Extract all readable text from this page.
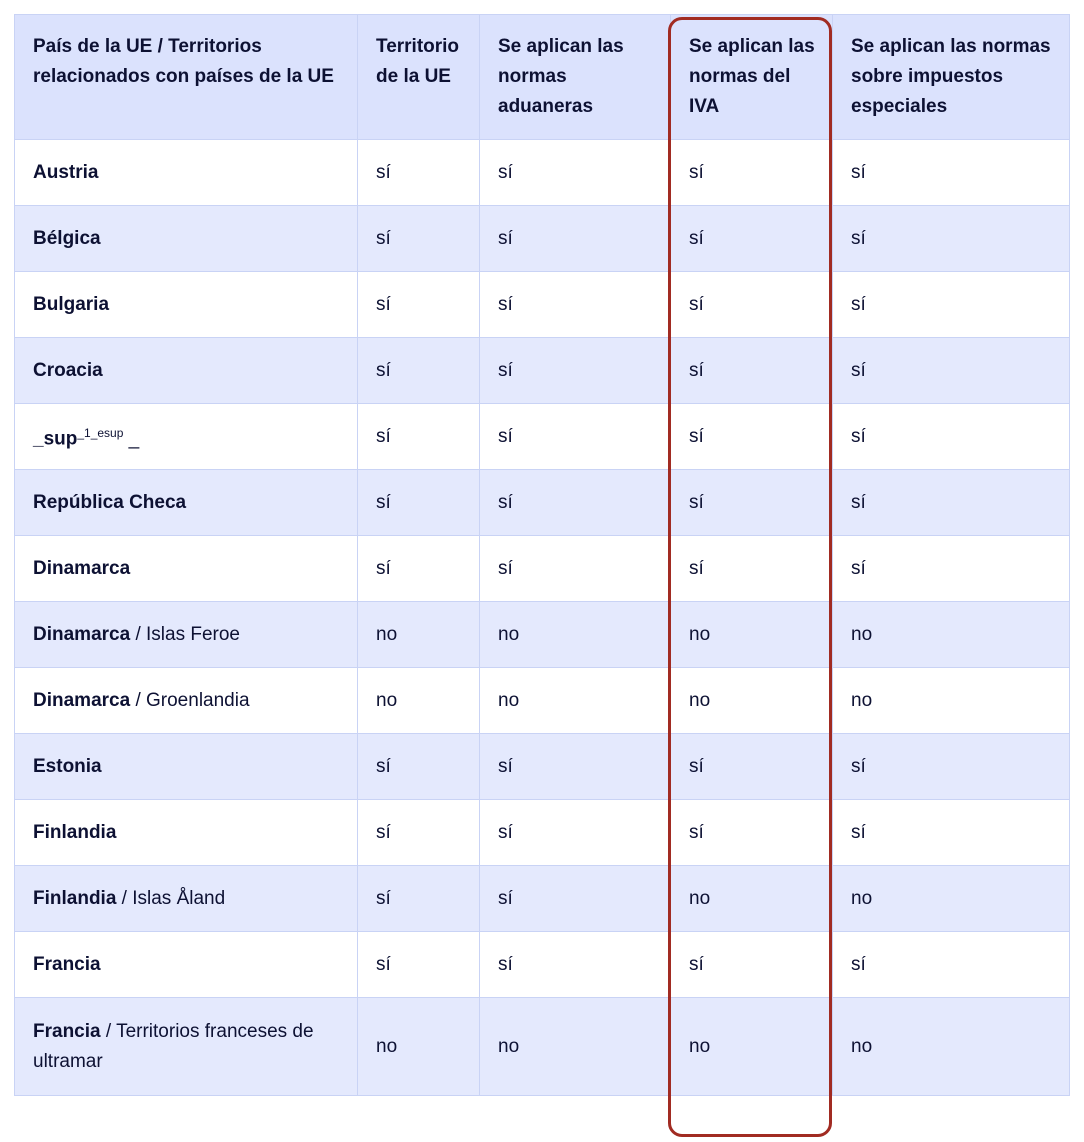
País de la UE / Territorios relacionados con países de la UE	Territorio de la UE	Se aplican las normas aduaneras	Se aplican las normas del IVA	Se aplican las normas sobre impuestos especiales
Austria	sí	sí	sí	sí
Bélgica	sí	sí	sí	sí
Bulgaria	sí	sí	sí	sí
Croacia	sí	sí	sí	sí
_sup$^{\_1\_esup}$ _	sí	sí	sí	sí
República Checa	sí	sí	sí	sí
Dinamarca	sí	sí	sí	sí
Dinamarca / Islas Feroe	no	no	no	no
Dinamarca / Groenlandia	no	no	no	no
Estonia	sí	sí	sí	sí
Finlandia	sí	sí	sí	sí
Finlandia / Islas Åland	sí	sí	no	no
Francia	sí	sí	sí	sí
Francia / Territorios franceses de ultramar	no	no	no	no
